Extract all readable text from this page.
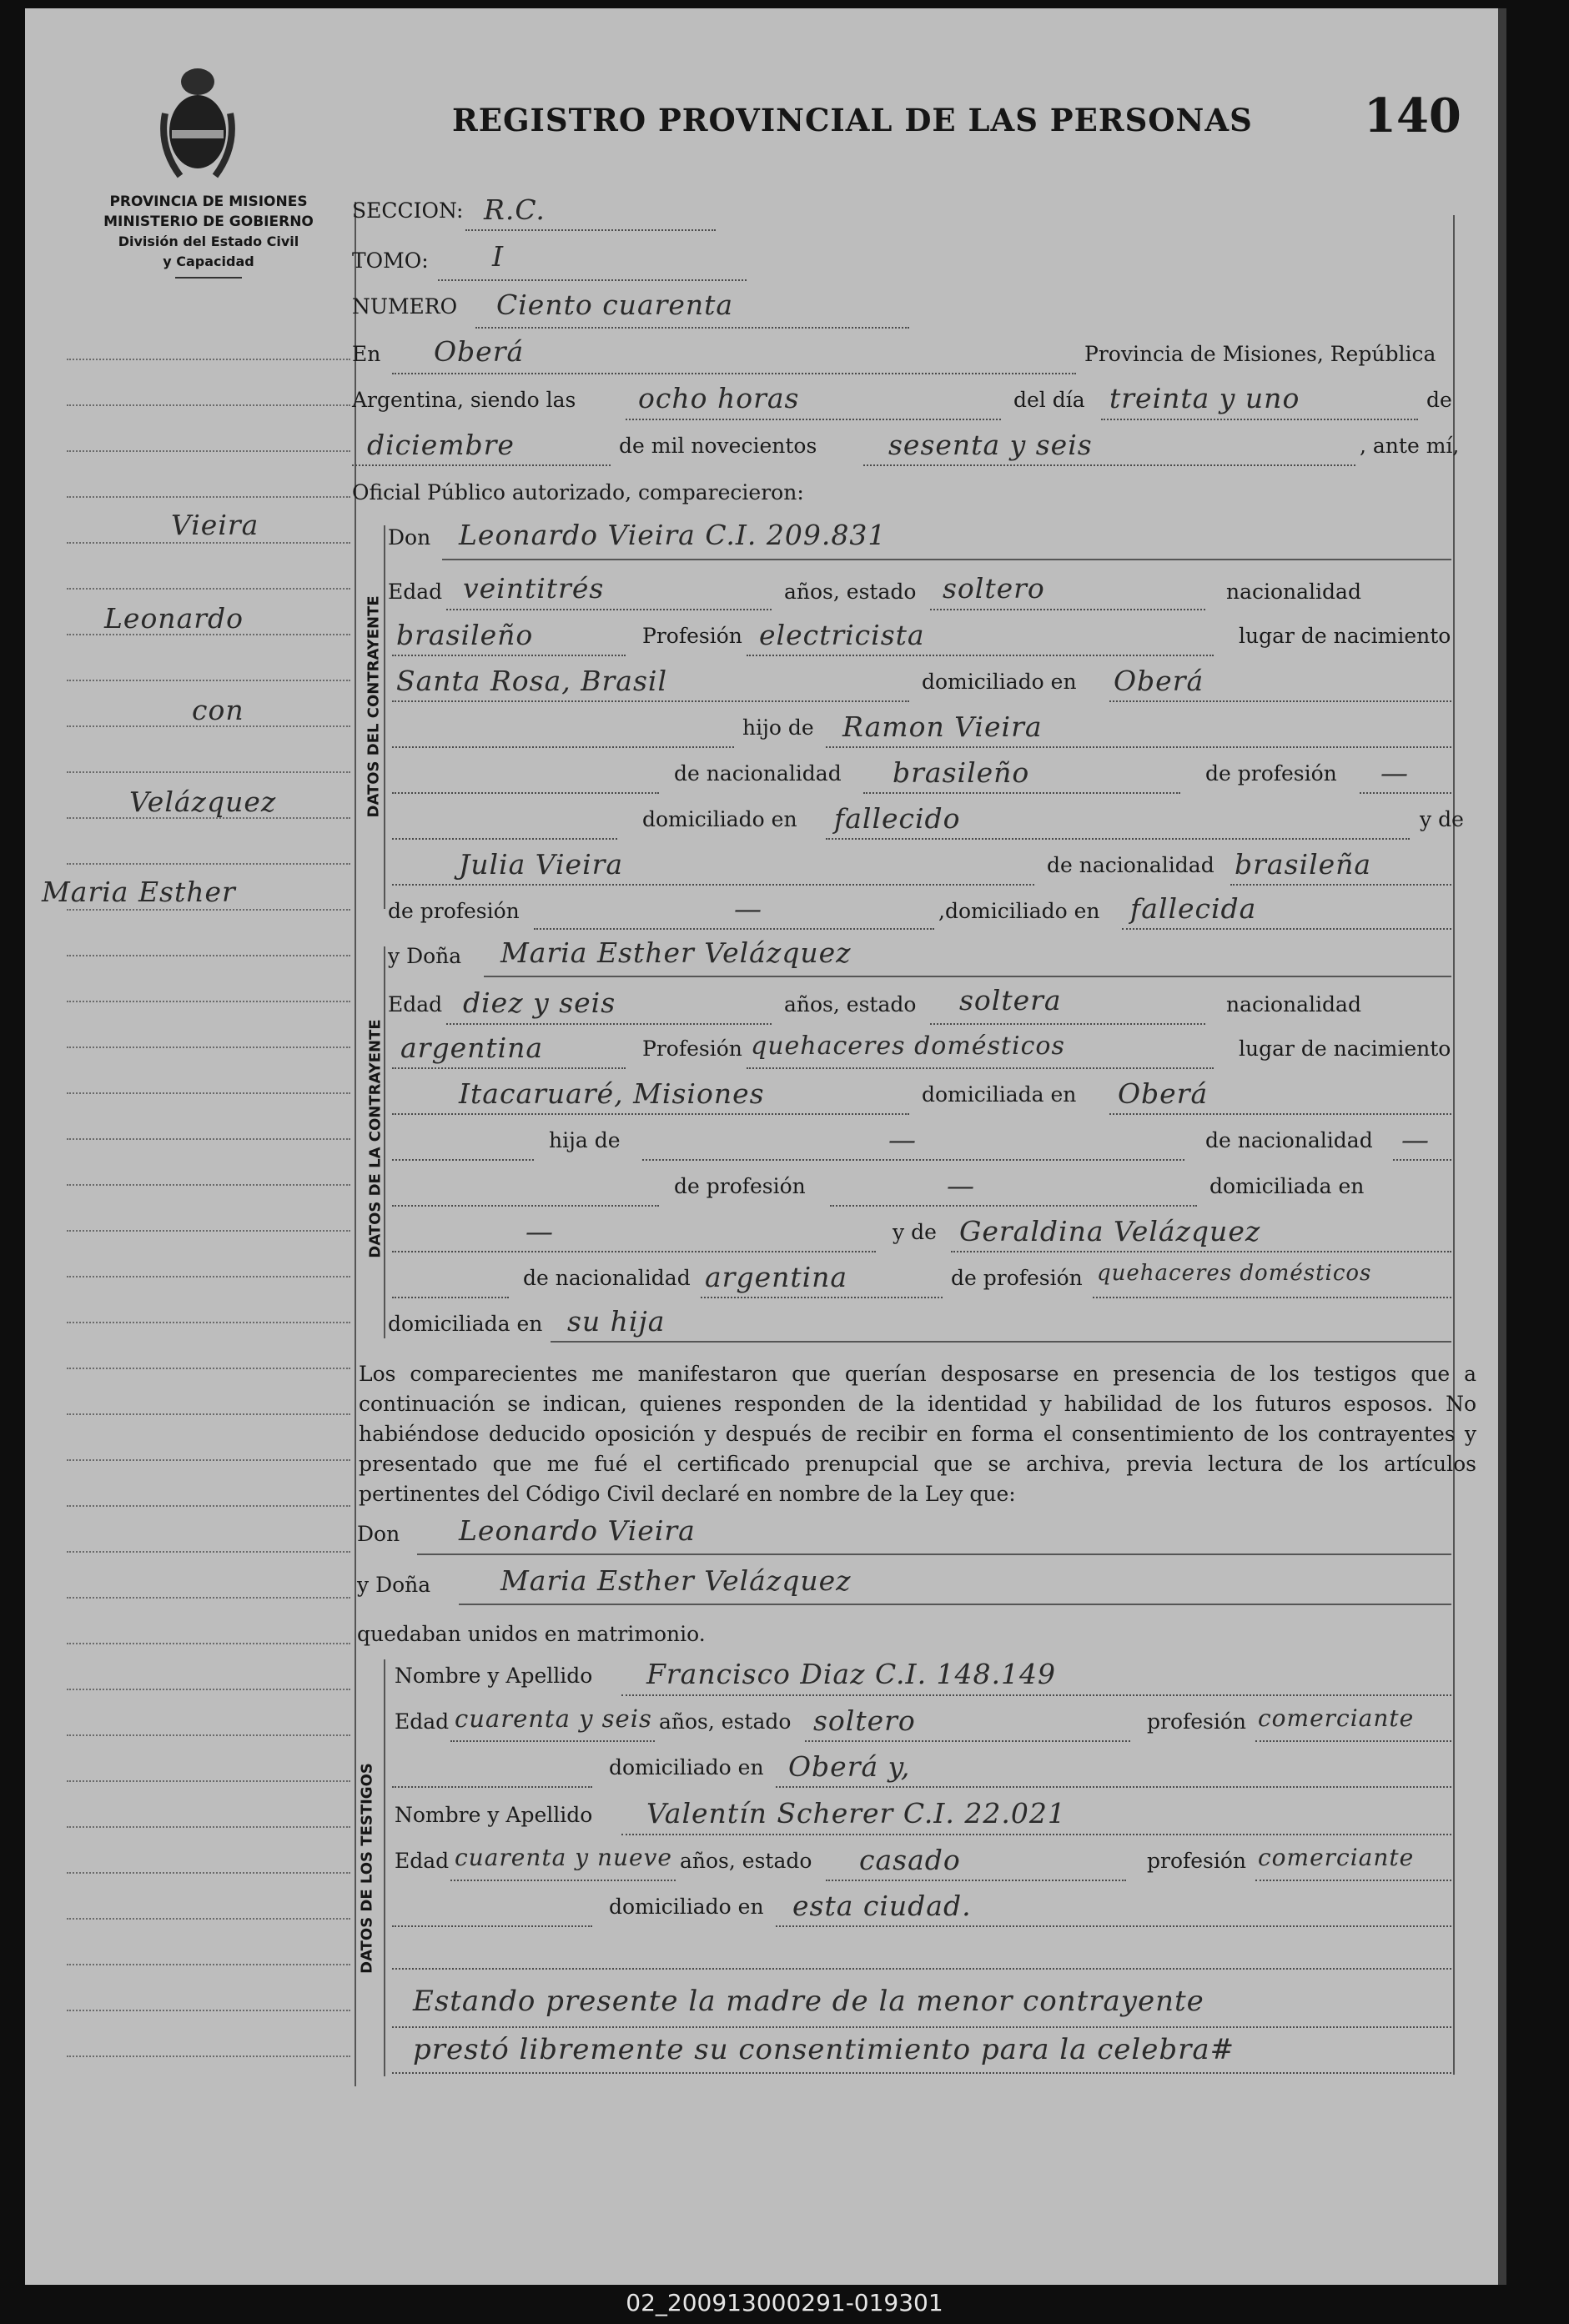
PROVINCIA DE MISIONES
MINISTERIO DE GOBIERNO
División del Estado Civil
y Capacidad
REGISTRO PROVINCIAL DE LAS PERSONAS 140
Vieira
Leonardo
con
Velázquez
Maria Esther
SECCION: R.C.
TOMO: I
NUMERO Ciento cuarenta
En Oberá	Provincia de Misiones, República
Argentina, siendo las ocho horas	del día treinta y uno	de
diciembre	de mil novecientos	sesenta y seis	, ante mí,
Oficial Público autorizado, comparecieron:
DATOS DEL CONTRAYENTE
Don Leonardo Vieira C.I. 209.831
Edad veintitrés	años, estado soltero	nacionalidad
brasileño	Profesión electricista	lugar de nacimiento
Santa Rosa, Brasil	domiciliado en Oberá
hijo de Ramon Vieira
de nacionalidad brasileño	de profesión —
domiciliado en fallecido	y de
Julia Vieira	de nacionalidad brasileña
de profesión	—	,domiciliado en fallecida
DATOS DE LA CONTRAYENTE
y Doña Maria Esther Velázquez
Edad diez y seis	años, estado soltera	nacionalidad
argentina	Profesión quehaceres domésticos	lugar de nacimiento
Itacaruaré, Misiones	domiciliada en Oberá
hija de	—	de nacionalidad —
de profesión	—	domiciliada en
—	y de Geraldina Velázquez
de nacionalidad argentina	de profesión quehaceres domésticos
domiciliada en su hija
Los comparecientes me manifestaron que querían desposarse en presencia de los testigos que a continuación se indican, quienes responden de la identidad y habilidad de los futuros esposos. No habiéndose deducido oposición y después de recibir en forma el consentimiento de los contrayentes y presentado que me fué el certificado prenupcial que se archiva, previa lectura de los artículos pertinentes del Código Civil declaré en nombre de la Ley que:
Don Leonardo Vieira
y Doña	Maria Esther Velázquez
quedaban unidos en matrimonio.
DATOS DE LOS TESTIGOS
Nombre y Apellido Francisco Diaz C.I. 148.149
Edad cuarenta y seis años, estado soltero	profesión comerciante
domiciliado en Oberá y,
Nombre y Apellido Valentín Scherer C.I. 22.021
Edad cuarenta y nueve años, estado casado	profesión comerciante
domiciliado en esta ciudad.
Estando presente la madre de la menor contrayente
prestó libremente su consentimiento para la celebra#
02_200913000291-019301
